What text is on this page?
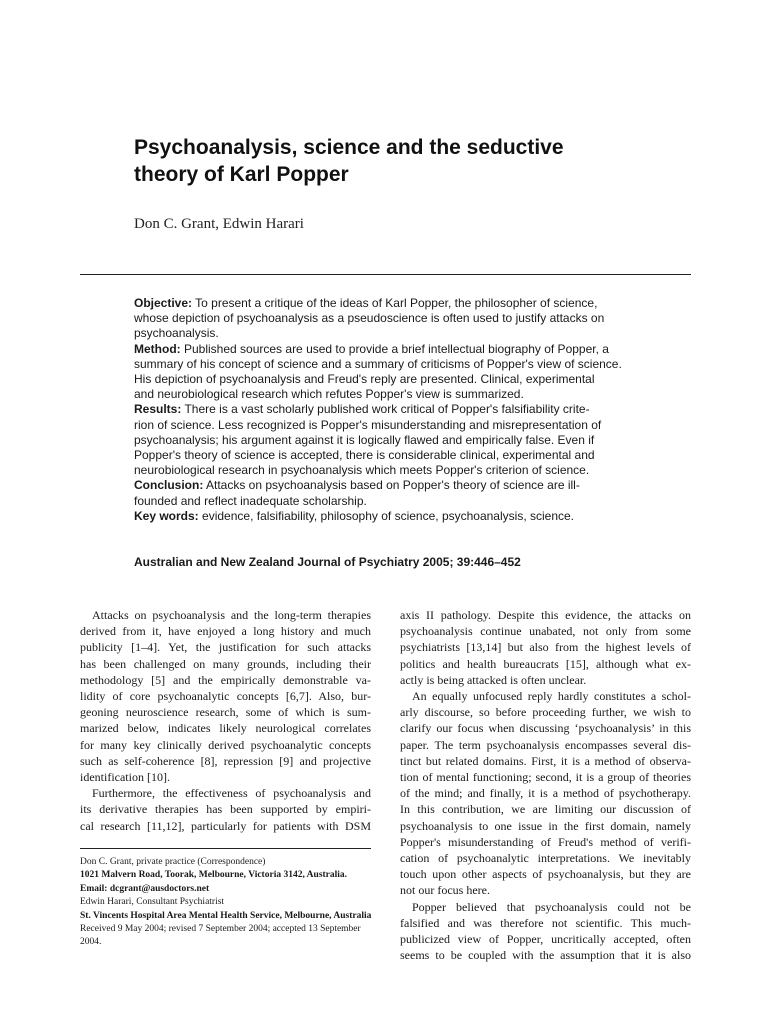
Psychoanalysis, science and the seductive
theory of Karl Popper
Don C. Grant, Edwin Harari
Objective: To present a critique of the ideas of Karl Popper, the philosopher of science,
whose depiction of psychoanalysis as a pseudoscience is often used to justify attacks on
psychoanalysis.
Method: Published sources are used to provide a brief intellectual biography of Popper, a
summary of his concept of science and a summary of criticisms of Popper's view of science.
His depiction of psychoanalysis and Freud's reply are presented. Clinical, experimental
and neurobiological research which refutes Popper's view is summarized.
Results: There is a vast scholarly published work critical of Popper's falsifiability crite-
rion of science. Less recognized is Popper's misunderstanding and misrepresentation of
psychoanalysis; his argument against it is logically flawed and empirically false. Even if
Popper's theory of science is accepted, there is considerable clinical, experimental and
neurobiological research in psychoanalysis which meets Popper's criterion of science.
Conclusion: Attacks on psychoanalysis based on Popper's theory of science are ill-
founded and reflect inadequate scholarship.
Key words: evidence, falsifiability, philosophy of science, psychoanalysis, science.
Australian and New Zealand Journal of Psychiatry 2005; 39:446–452
Attacks on psychoanalysis and the long-term therapies
derived from it, have enjoyed a long history and much
publicity [1–4]. Yet, the justification for such attacks
has been challenged on many grounds, including their
methodology [5] and the empirically demonstrable va-
lidity of core psychoanalytic concepts [6,7]. Also, bur-
geoning neuroscience research, some of which is sum-
marized below, indicates likely neurological correlates
for many key clinically derived psychoanalytic concepts
such as self-coherence [8], repression [9] and projective
identification [10].
Furthermore, the effectiveness of psychoanalysis and
its derivative therapies has been supported by empiri-
cal research [11,12], particularly for patients with DSM
Don C. Grant, private practice (Correspondence)
1021 Malvern Road, Toorak, Melbourne, Victoria 3142, Australia.
Email: dcgrant@ausdoctors.net
Edwin Harari, Consultant Psychiatrist
St. Vincents Hospital Area Mental Health Service, Melbourne, Australia
Received 9 May 2004; revised 7 September 2004; accepted 13 September
2004.
axis II pathology. Despite this evidence, the attacks on
psychoanalysis continue unabated, not only from some
psychiatrists [13,14] but also from the highest levels of
politics and health bureaucrats [15], although what ex-
actly is being attacked is often unclear.
An equally unfocused reply hardly constitutes a schol-
arly discourse, so before proceeding further, we wish to
clarify our focus when discussing ‘psychoanalysis’ in this
paper. The term psychoanalysis encompasses several dis-
tinct but related domains. First, it is a method of observa-
tion of mental functioning; second, it is a group of theories
of the mind; and finally, it is a method of psychotherapy.
In this contribution, we are limiting our discussion of
psychoanalysis to one issue in the first domain, namely
Popper's misunderstanding of Freud's method of verifi-
cation of psychoanalytic interpretations. We inevitably
touch upon other aspects of psychoanalysis, but they are
not our focus here.
Popper believed that psychoanalysis could not be
falsified and was therefore not scientific. This much-
publicized view of Popper, uncritically accepted, often
seems to be coupled with the assumption that it is also
